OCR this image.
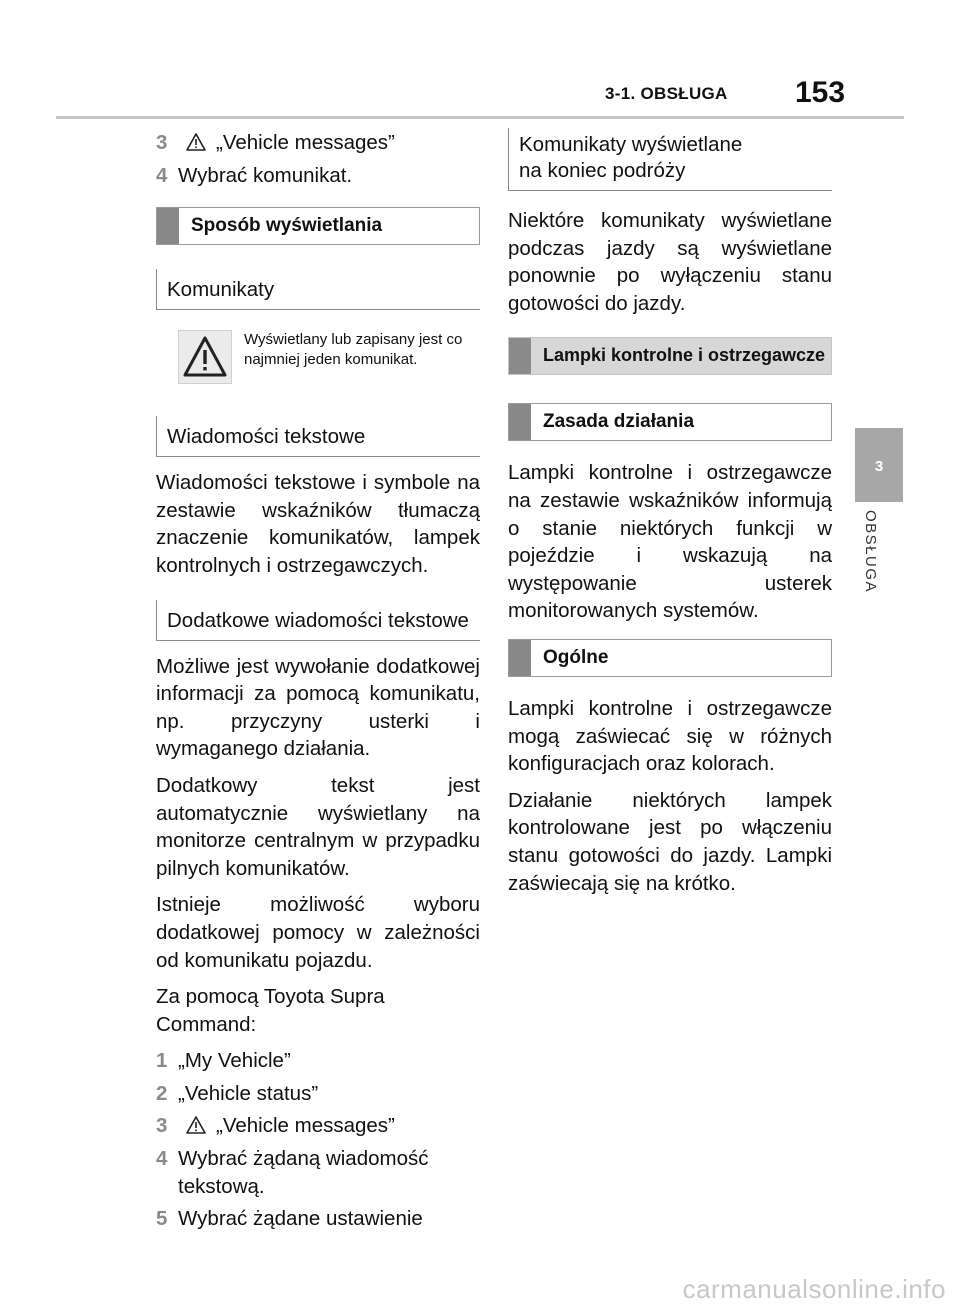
3-1. OBSŁUGA 153
3
OBSŁUGA
3 „Vehicle messages”
4 Wybrać komunikat.
Sposób wyświetlania
Komunikaty
Wyświetlany lub zapisany jest co najmniej jeden komunikat.
Wiadomości tekstowe

Wiadomości tekstowe i symbole na zestawie wskaźników tłumaczą znaczenie komunikatów, lampek kontrolnych i ostrzegawczych.

Dodatkowe wiadomości tekstowe

Możliwe jest wywołanie dodatkowej informacji za pomocą komunikatu, np. przyczyny usterki i wymaganego działania.

Dodatkowy tekst jest automatycznie wyświetlany na monitorze centralnym w przypadku pilnych komunikatów.

Istnieje możliwość wyboru dodatkowej pomocy w zależności od komunikatu pojazdu.

Za pomocą Toyota Supra Command:

1 „My Vehicle”
2 „Vehicle status”
3 „Vehicle messages”
4 Wybrać żądaną wiadomość tekstową.
5 Wybrać żądane ustawienie
Komunikaty wyświetlane na koniec podróży

Niektóre komunikaty wyświetlane podczas jazdy są wyświetlane ponownie po wyłączeniu stanu gotowości do jazdy.

Lampki kontrolne i ostrzegawcze
Zasada działania

Lampki kontrolne i ostrzegawcze na zestawie wskaźników informują o stanie niektórych funkcji w pojeździe i wskazują na występowanie usterek monitorowanych systemów.

Ogólne

Lampki kontrolne i ostrzegawcze mogą zaświecać się w różnych konfiguracjach oraz kolorach.

Działanie niektórych lampek kontrolowane jest po włączeniu stanu gotowości do jazdy. Lampki zaświecają się na krótko.

carmanualsonline.info
